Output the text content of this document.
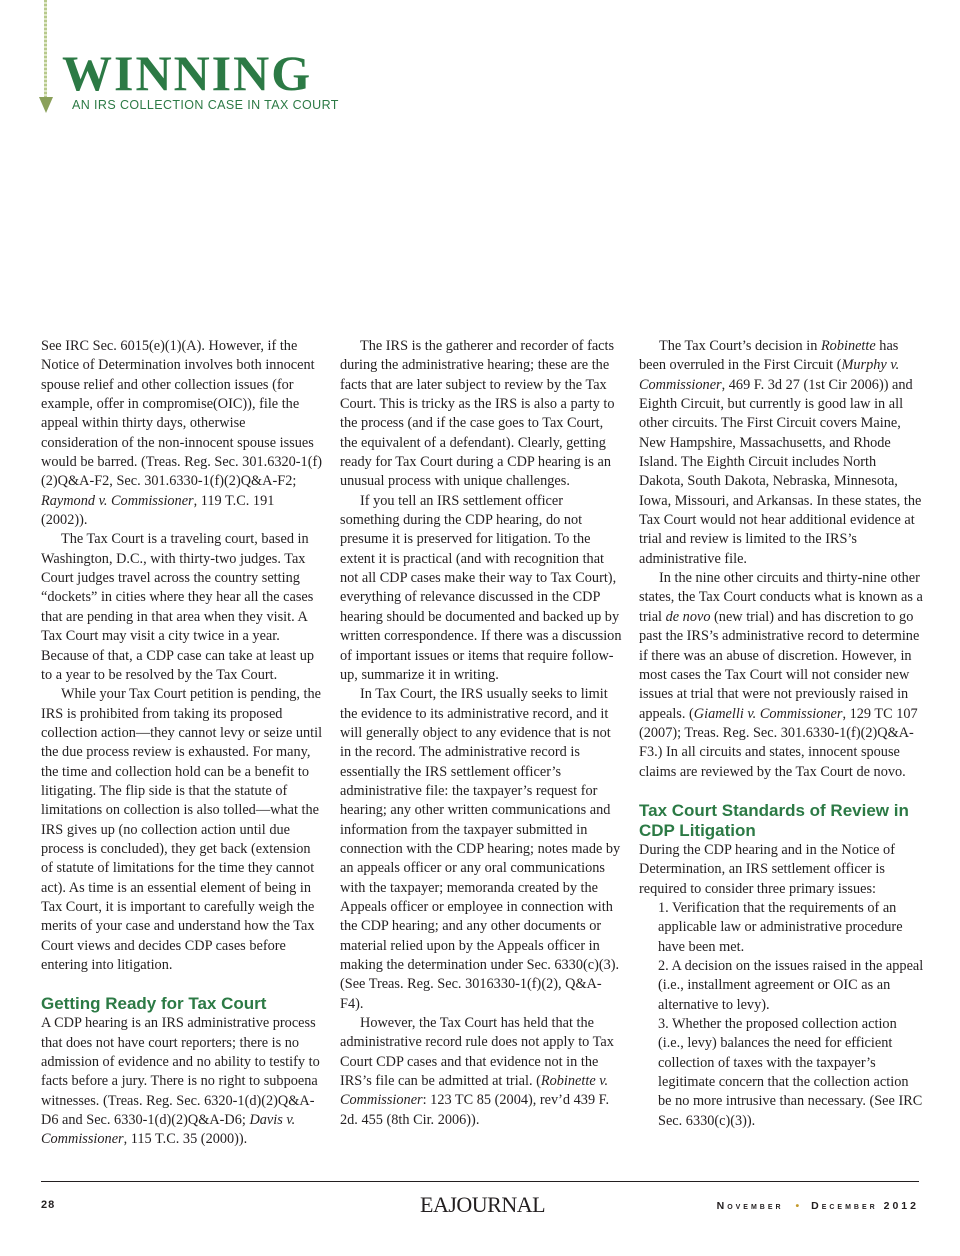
WINNING
AN IRS COLLECTION CASE IN TAX COURT

See IRC Sec. 6015(e)(1)(A). However, if the Notice of Determination involves both innocent spouse relief and other collection issues (for example, offer in compromise(OIC)), file the appeal within thirty days, otherwise consideration of the non-innocent spouse issues would be barred. (Treas. Reg. Sec. 301.6320-1(f)(2)Q&A-F2, Sec. 301.6330-1(f)(2)Q&A-F2; Raymond v. Commissioner, 119 T.C. 191 (2002)).

The Tax Court is a traveling court, based in Washington, D.C., with thirty-two judges. Tax Court judges travel across the country setting “dockets” in cities where they hear all the cases that are pending in that area when they visit. A Tax Court may visit a city twice in a year. Because of that, a CDP case can take at least up to a year to be resolved by the Tax Court.

While your Tax Court petition is pending, the IRS is prohibited from taking its proposed collection action—they cannot levy or seize until the due process review is exhausted. For many, the time and collection hold can be a benefit to litigating. The flip side is that the statute of limitations on collection is also tolled—what the IRS gives up (no collection action until due process is concluded), they get back (extension of statute of limitations for the time they cannot act). As time is an essential element of being in Tax Court, it is important to carefully weigh the merits of your case and understand how the Tax Court views and decides CDP cases before entering into litigation.

Getting Ready for Tax Court

A CDP hearing is an IRS administrative process that does not have court reporters; there is no admission of evidence and no ability to testify to facts before a jury. There is no right to subpoena witnesses. (Treas. Reg. Sec. 6320-1(d)(2)Q&A-D6 and Sec. 6330-1(d)(2)Q&A-D6; Davis v. Commissioner, 115 T.C. 35 (2000)).

The IRS is the gatherer and recorder of facts during the administrative hearing; these are the facts that are later subject to review by the Tax Court. This is tricky as the IRS is also a party to the process (and if the case goes to Tax Court, the equivalent of a defendant). Clearly, getting ready for Tax Court during a CDP hearing is an unusual process with unique challenges.

If you tell an IRS settlement officer something during the CDP hearing, do not presume it is preserved for litigation. To the extent it is practical (and with recognition that not all CDP cases make their way to Tax Court), everything of relevance discussed in the CDP hearing should be documented and backed up by written correspondence. If there was a discussion of important issues or items that require follow-up, summarize it in writing.

In Tax Court, the IRS usually seeks to limit the evidence to its administrative record, and it will generally object to any evidence that is not in the record. The administrative record is essentially the IRS settlement officer’s administrative file: the taxpayer’s request for hearing; any other written communications and information from the taxpayer submitted in connection with the CDP hearing; notes made by an appeals officer or any oral communications with the taxpayer; memoranda created by the Appeals officer or employee in connection with the CDP hearing; and any other documents or material relied upon by the Appeals officer in making the determination under Sec. 6330(c)(3). (See Treas. Reg. Sec. 3016330-1(f)(2), Q&A-F4).

However, the Tax Court has held that the administrative record rule does not apply to Tax Court CDP cases and that evidence not in the IRS’s file can be admitted at trial. (Robinette v. Commissioner: 123 TC 85 (2004), rev’d 439 F. 2d. 455 (8th Cir. 2006)).

The Tax Court’s decision in Robinette has been overruled in the First Circuit (Murphy v. Commissioner, 469 F. 3d 27 (1st Cir 2006)) and Eighth Circuit, but currently is good law in all other circuits. The First Circuit covers Maine, New Hampshire, Massachusetts, and Rhode Island. The Eighth Circuit includes North Dakota, South Dakota, Nebraska, Minnesota, Iowa, Missouri, and Arkansas. In these states, the Tax Court would not hear additional evidence at trial and review is limited to the IRS’s administrative file.

In the nine other circuits and thirty-nine other states, the Tax Court conducts what is known as a trial de novo (new trial) and has discretion to go past the IRS’s administrative record to determine if there was an abuse of discretion. However, in most cases the Tax Court will not consider new issues at trial that were not previously raised in appeals. (Giamelli v. Commissioner, 129 TC 107 (2007); Treas. Reg. Sec. 301.6330-1(f)(2)Q&A-F3.) In all circuits and states, innocent spouse claims are reviewed by the Tax Court de novo.

Tax Court Standards of Review in CDP Litigation

During the CDP hearing and in the Notice of Determination, an IRS settlement officer is required to consider three primary issues:

1. Verification that the requirements of an applicable law or administrative procedure have been met.
2. A decision on the issues raised in the appeal (i.e., installment agreement or OIC as an alternative to levy).
3. Whether the proposed collection action (i.e., levy) balances the need for efficient collection of taxes with the taxpayer’s legitimate concern that the collection action be no more intrusive than necessary. (See IRC Sec. 6330(c)(3)).
28	EAJOURNAL	November • December 2012
